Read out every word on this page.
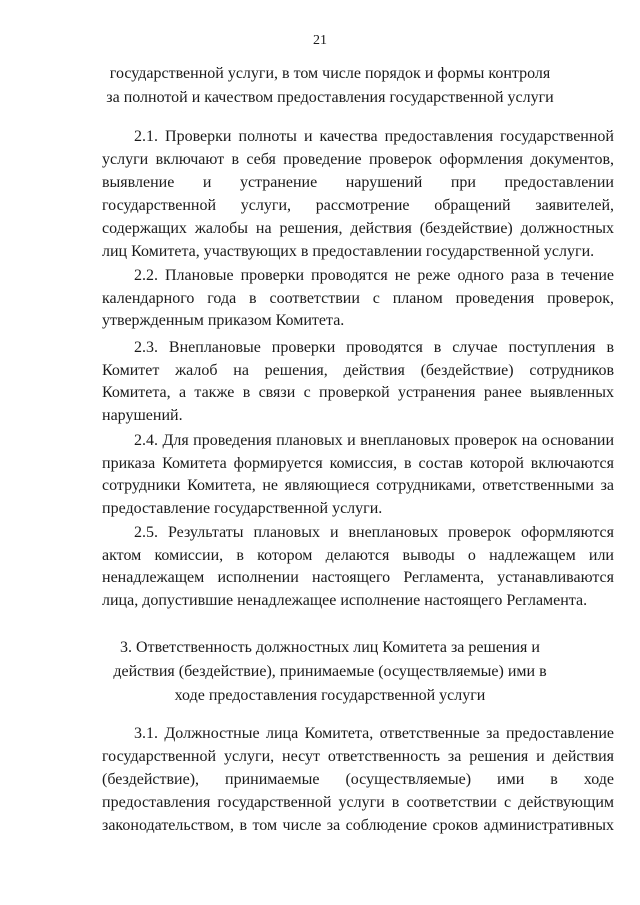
21
государственной услуги, в том числе порядок и формы контроля
за полнотой и качеством предоставления государственной услуги
2.1. Проверки полноты и качества предоставления государственной
услуги включают в себя проведение проверок оформления документов,
выявление и устранение нарушений при предоставлении
государственной услуги, рассмотрение обращений заявителей,
содержащих жалобы на решения, действия (бездействие) должностных
лиц Комитета, участвующих в предоставлении государственной услуги.
2.2. Плановые проверки проводятся не реже одного раза в течение
календарного года в соответствии с планом проведения проверок,
утвержденным приказом Комитета.
2.3. Внеплановые проверки проводятся в случае поступления в
Комитет жалоб на решения, действия (бездействие) сотрудников
Комитета, а также в связи с проверкой устранения ранее выявленных
нарушений.
2.4. Для проведения плановых и внеплановых проверок на основании
приказа Комитета формируется комиссия, в состав которой включаются
сотрудники Комитета, не являющиеся сотрудниками, ответственными за
предоставление государственной услуги.
2.5. Результаты плановых и внеплановых проверок оформляются
актом комиссии, в котором делаются выводы о надлежащем или
ненадлежащем исполнении настоящего Регламента, устанавливаются
лица, допустившие ненадлежащее исполнение настоящего Регламента.
3. Ответственность должностных лиц Комитета за решения и
действия (бездействие), принимаемые (осуществляемые) ими в
ходе предоставления государственной услуги
3.1. Должностные лица Комитета, ответственные за предоставление
государственной услуги, несут ответственность за решения и действия
(бездействие), принимаемые (осуществляемые) ими в ходе
предоставления государственной услуги в соответствии с действующим
законодательством, в том числе за соблюдение сроков административных
